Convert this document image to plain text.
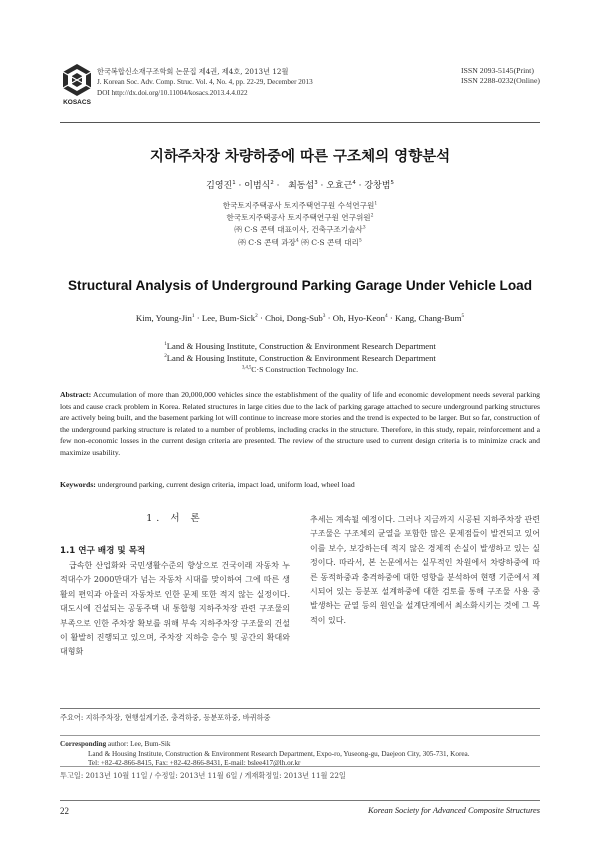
KOSACS
한국복합신소재구조학회 논문집 제4권, 제4호, 2013년 12월
J. Korean Soc. Adv. Comp. Struc. Vol. 4, No. 4, pp. 22-29, December 2013
DOI http://dx.doi.org/10.11004/kosacs.2013.4.4.022
ISSN 2093-5145(Print)
ISSN 2288-0232(Online)
지하주차장 차량하중에 따른 구조체의 영향분석
김영진$^1$ · 이범식$^2$ ·   최동섭$^3$ · 오효근$^4$ · 강창범$^5$
한국토지주택공사 토지주택연구원 수석연구원$^1$
한국토지주택공사 토지주택연구원 연구위원$^2$
㈜ C·S 콘텍 대표이사, 건축구조기술사$^3$
㈜ C·S 콘텍 과장$^4$ ㈜ C·S 콘텍 대리$^5$
Structural Analysis of Underground Parking Garage Under Vehicle Load
Kim, Young-Jin$^1$ · Lee, Bum-Sick$^2$ · Choi, Dong-Sub$^3$ · Oh, Hyo-Keon$^4$ · Kang, Chang-Bum$^5$
$^1$Land & Housing Institute, Construction & Environment Research Department
$^2$Land & Housing Institute, Construction & Environment Research Department
$^{3,4,5}$C·S Construction Technology Inc.
Abstract: Accumulation of more than 20,000,000 vehicles since the establishment of the quality of life and economic development needs several parking lots and cause crack problem in Korea. Related structures in large cities due to the lack of parking garage attached to secure underground parking structures are actively being built, and the basement parking lot will continue to increase more stories and the trend is expected to be larger. But so far, construction of the underground parking structure is related to a number of problems, including cracks in the structure. Therefore, in this study, repair, reinforcement and a few non-economic losses in the current design criteria are presented. The review of the structure used to current design criteria is to minimize crack and maximize usability.
Keywords: underground parking, current design criteria, impact load, uniform load, wheel load
1. 서 론
1.1 연구 배경 및 목적
급속한 산업화와 국민생활수준의 향상으로 건국이래 자동차 누적대수가 2000만대가 넘는 자동차 시대를 맞이하여 그에 따른 생활의 편익과 아울러 자동차로 인한 문제 또한 적지 않는 실정이다. 대도시에 건설되는 공동주택 내 통합형 지하주차장 관련 구조물의 부족으로 인한 주차장 확보를 위해 부속 지하주차장 구조물의 건설이 활발히 진행되고 있으며, 주차장 지하층 층수 및 공간의 확대와 대형화
추세는 계속될 예정이다. 그러나 지금까지 시공된 지하주차장 관련 구조물은 구조체의 균열을 포함한 많은 문제점들이 발견되고 있어 이를 보수, 보강하는데 적지 않은 경제적 손실이 발생하고 있는 실정이다. 따라서, 본 논문에서는 실무적인 차원에서 차량하중에 따른 동적하중과 충격하중에 대한 영향을 분석하여 현행 기준에서 제시되어 있는 등분포 설계하중에 대한 검토를 통해 구조물 사용 중 발생하는 균열 등의 원인을 설계단계에서 최소화시키는 것에 그 목적이 있다.
주요어: 지하주차장, 현행설계기준, 충격하중, 등분포하중, 바퀴하중
Corresponding author: Lee, Bum-Sik
Land & Housing Institute, Construction & Environment Research Department, Expo-ro, Yuseong-gu, Daejeon City, 305-731, Korea.
Tel: +82-42-866-8415, Fax: +82-42-866-8431, E-mail: bslee417@lh.or.kr
투고일: 2013년 10월 11일 / 수정일: 2013년 11월 6일 / 게재확정일: 2013년 11월 22일
22	Korean Society for Advanced Composite Structures
